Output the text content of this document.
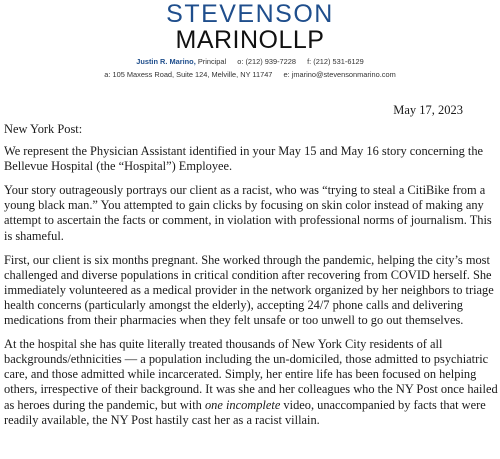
STEVENSON
MARINOLLP
Justin R. Marino, Principal o: (212) 939-7228 f: (212) 531-6129
a: 105 Maxess Road, Suite 124, Melville, NY 11747 e: jmarino@stevensonmarino.com
May 17, 2023

New York Post:

We represent the Physician Assistant identified in your May 15 and May 16 story concerning the Bellevue Hospital (the “Hospital”) Employee.

Your story outrageously portrays our client as a racist, who was “trying to steal a CitiBike from a young black man.” You attempted to gain clicks by focusing on skin color instead of making any attempt to ascertain the facts or comment, in violation with professional norms of journalism. This is shameful.

First, our client is six months pregnant. She worked through the pandemic, helping the city’s most challenged and diverse populations in critical condition after recovering from COVID herself. She immediately volunteered as a medical provider in the network organized by her neighbors to triage health concerns (particularly amongst the elderly), accepting 24/7 phone calls and delivering medications from their pharmacies when they felt unsafe or too unwell to go out themselves.

At the hospital she has quite literally treated thousands of New York City residents of all backgrounds/ethnicities — a population including the un-domiciled, those admitted to psychiatric care, and those admitted while incarcerated. Simply, her entire life has been focused on helping others, irrespective of their background. It was she and her colleagues who the NY Post once hailed as heroes during the pandemic, but with one incomplete video, unaccompanied by facts that were readily available, the NY Post hastily cast her as a racist villain.
